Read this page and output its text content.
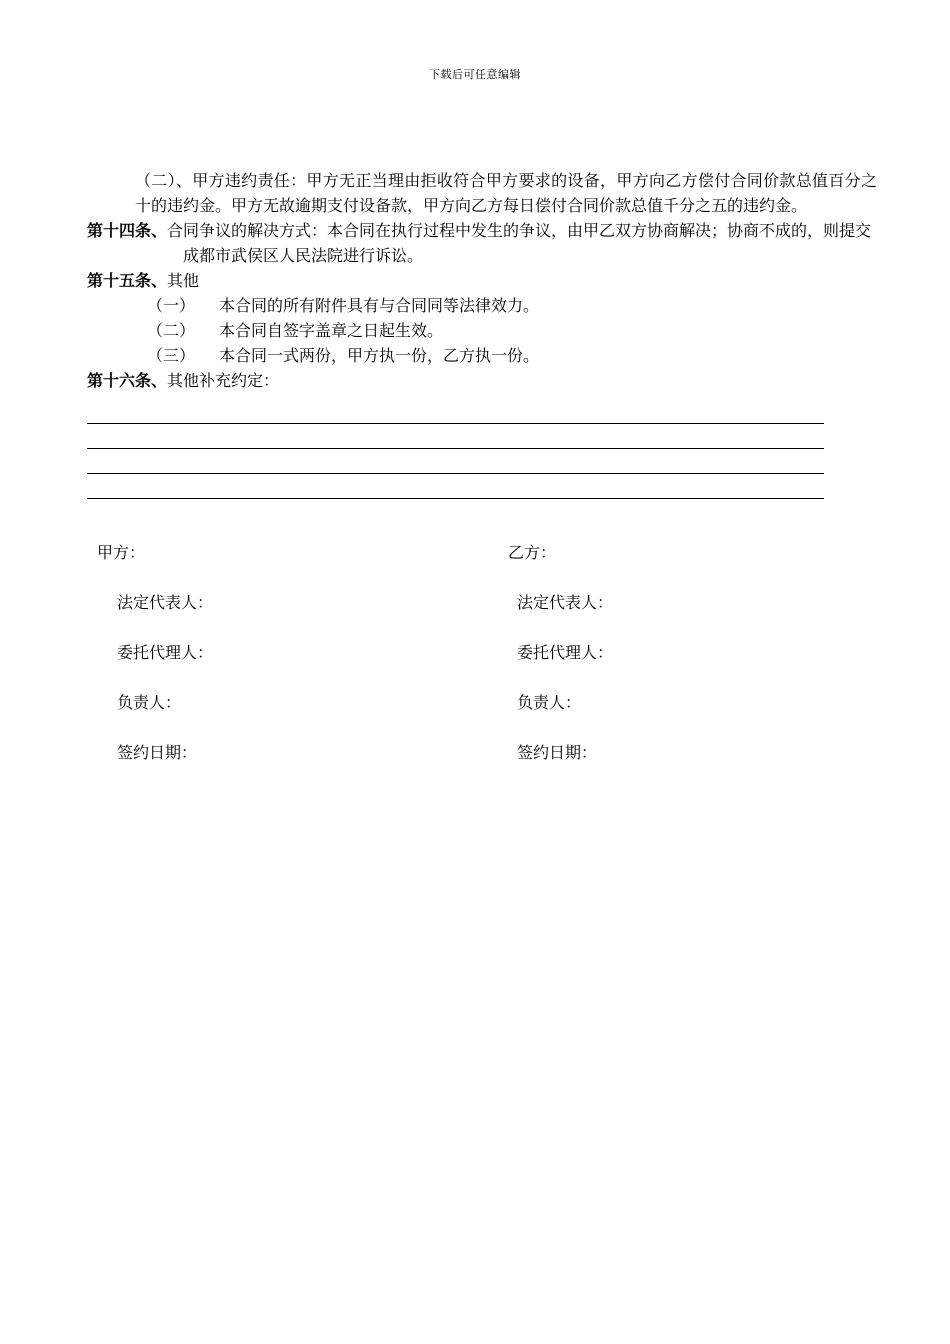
下载后可任意编辑
（二）、甲方违约责任：甲方无正当理由拒收符合甲方要求的设备，甲方向乙方偿付合同价款总值百分之十的违约金。甲方无故逾期支付设备款，甲方向乙方每日偿付合同价款总值千分之五的违约金。
第十四条、合同争议的解决方式：本合同在执行过程中发生的争议，由甲乙双方协商解决；协商不成的，则提交成都市武侯区人民法院进行诉讼。
第十五条、其他
（一）	本合同的所有附件具有与合同同等法律效力。
（二）	本合同自签字盖章之日起生效。
（三）	本合同一式两份，甲方执一份，乙方执一份。
第十六条、其他补充约定：
甲方：
法定代表人：
委托代理人：
负责人：
签约日期：
乙方：
法定代表人：
委托代理人：
负责人：
签约日期：
